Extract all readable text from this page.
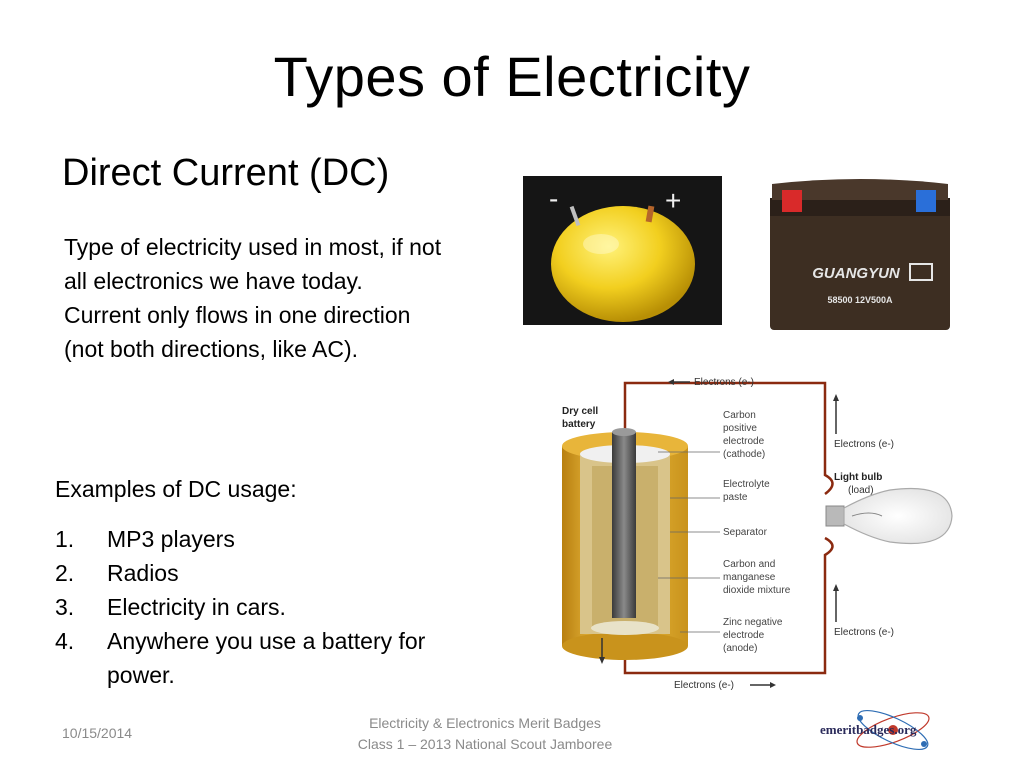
Types of Electricity
Direct Current (DC)
Type of electricity used in most, if not
all electronics we have today.
Current only flows in one direction
(not both directions, like AC).
Examples of DC usage:
1.	MP3 players
2.	Radios
3.	Electricity in cars.
4.	Anywhere you use a battery for power.
-	+
GUANGYUN
58500 12V500A
Electrons (e-)
Electrons (e-)
Electrons (e-)
Electrons (e-)
Light bulb
(load)
Dry cell
battery
Carbon
positive
electrode
(cathode)
Electrolyte
paste
Separator
Carbon and
manganese
dioxide mixture
Zinc negative
electrode
(anode)
10/15/2014
Electricity & Electronics Merit Badges
Class 1 – 2013 National Scout Jamboree
emeritbadges.org
